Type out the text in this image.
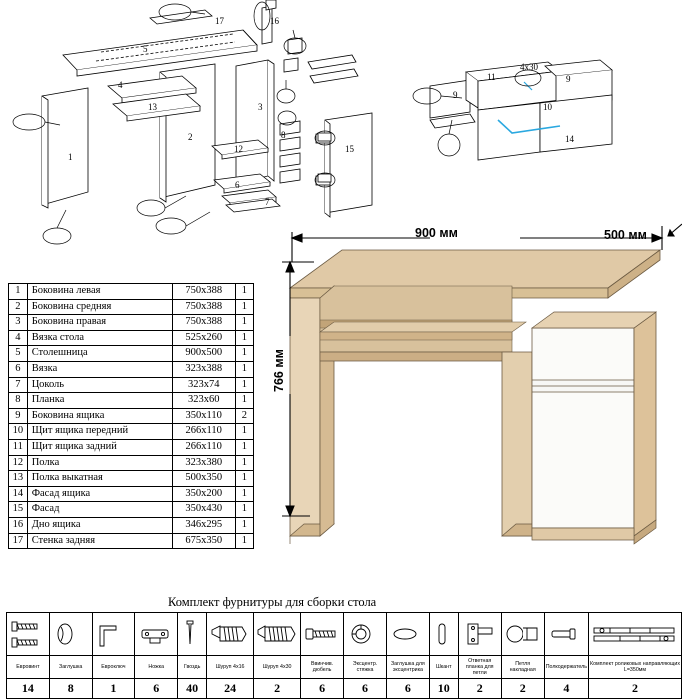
17
5
4
13
1
2
3
12
6
7
8
15
16
9
11
10
14
9
4х30
1	Боковина левая	750x388	1
2	Боковина средняя	750x388	1
3	Боковина правая	750x388	1
4	Вязка стола	525х260	1
5	Столешница	900х500	1
6	Вязка	323х388	1
7	Цоколь	323х74	1
8	Планка	323х60	1
9	Боковина ящика	350х110	2
10	Щит ящика передний	266х110	1
11	Щит ящика задний	266х110	1
12	Полка	323х380	1
13	Полка выкатная	500х350	1
14	Фасад ящика	350х200	1
15	Фасад	350х430	1
16	Дно ящика	346х295	1
17	Стенка задняя	675х350	1
900 мм	500 мм
766 мм
Комплект фурнитуры для сборки стола

Евровинт	Заглушка	Евроключ	Ножка	Гвоздь	Шуруп 4х16	Шуруп 4х30	Ввинчив. дюбель	Эксцентр. стяжка	Заглушка для эксцентрика	Шкант	Ответная планка для петли	Петля накладная	Полкодержатель	Комплект роликовых направляющих L=350мм
14	8	1	6	40	24	2	6	6	6	10	2	2	4	2
